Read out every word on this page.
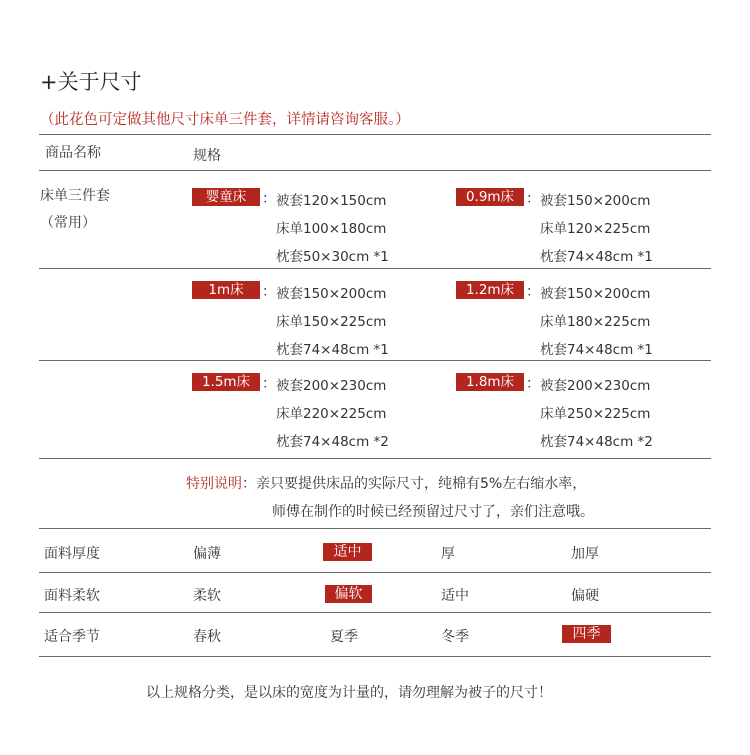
+关于尺寸
（此花色可定做其他尺寸床单三件套，详情请咨询客服。）
商品名称	规格
床单三件套
（常用）
婴童床	： 被套120×150cm
床单100×180cm
枕套50×30cm *1
0.9m床 ： 被套150×200cm
床单120×225cm
枕套74×48cm *1
1m床	： 被套150×200cm
床单150×225cm
枕套74×48cm *1
1.2m床 ： 被套150×200cm
床单180×225cm
枕套74×48cm *1
1.5m床 ： 被套200×230cm
床单220×225cm
枕套74×48cm *2
1.8m床 ： 被套200×230cm
床单250×225cm
枕套74×48cm *2
特别说明：亲只要提供床品的实际尺寸，纯棉有5%左右缩水率，
师傅在制作的时候已经预留过尺寸了，亲们注意哦。
面料厚度	偏薄	适中	厚	加厚
面料柔软	柔软	偏软	适中	偏硬
适合季节	春秋	夏季	冬季	四季
以上规格分类，是以床的宽度为计量的，请勿理解为被子的尺寸！
